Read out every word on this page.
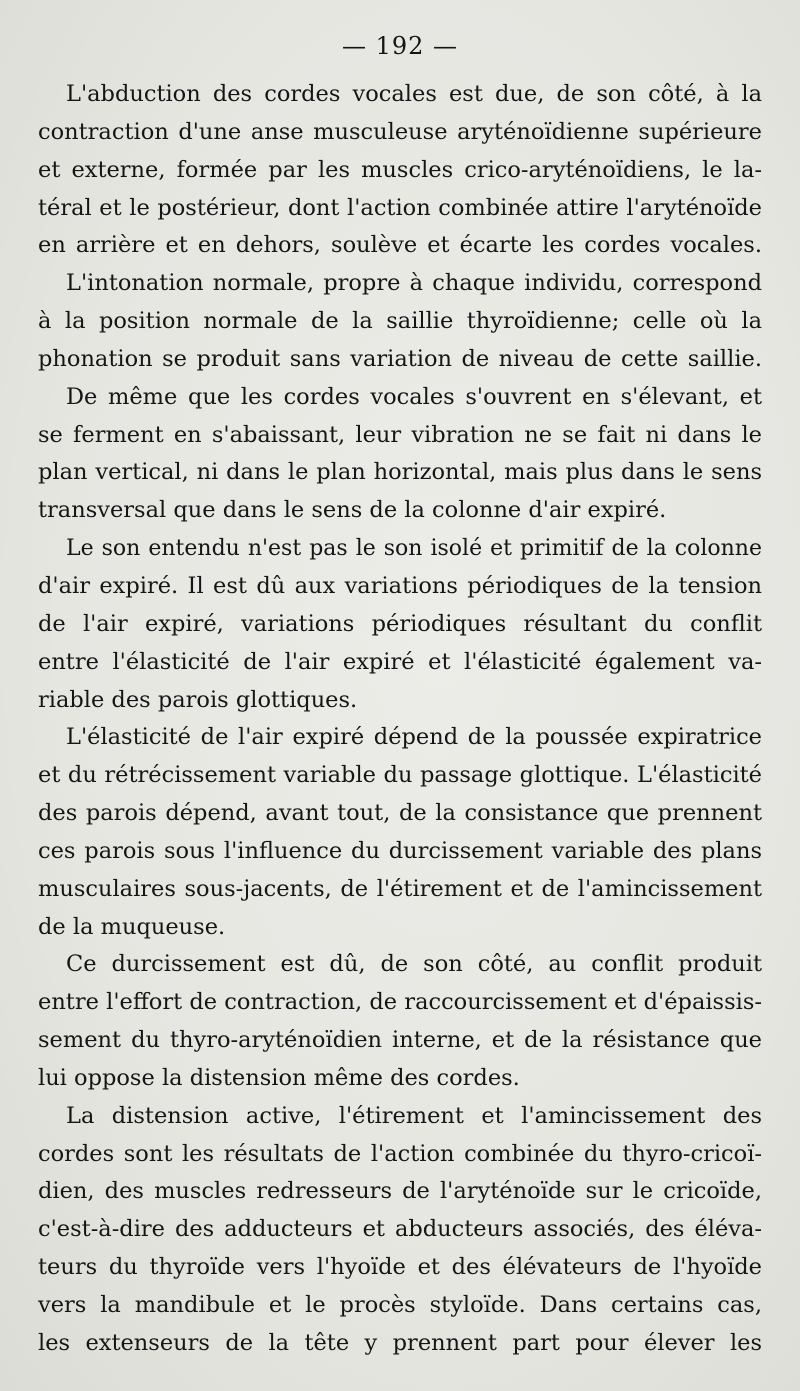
— 192 —
L'abduction des cordes vocales est due, de son côté, à la
contraction d'une anse musculeuse aryténoïdienne supérieure
et externe, formée par les muscles crico-aryténoïdiens, le la-
téral et le postérieur, dont l'action combinée attire l'aryténoïde
en arrière et en dehors, soulève et écarte les cordes vocales.
L'intonation normale, propre à chaque individu, correspond
à la position normale de la saillie thyroïdienne; celle où la
phonation se produit sans variation de niveau de cette saillie.
De même que les cordes vocales s'ouvrent en s'élevant, et
se ferment en s'abaissant, leur vibration ne se fait ni dans le
plan vertical, ni dans le plan horizontal, mais plus dans le sens
transversal que dans le sens de la colonne d'air expiré.
Le son entendu n'est pas le son isolé et primitif de la colonne
d'air expiré. Il est dû aux variations périodiques de la tension
de l'air expiré, variations périodiques résultant du conflit
entre l'élasticité de l'air expiré et l'élasticité également va-
riable des parois glottiques.
L'élasticité de l'air expiré dépend de la poussée expiratrice
et du rétrécissement variable du passage glottique. L'élasticité
des parois dépend, avant tout, de la consistance que prennent
ces parois sous l'influence du durcissement variable des plans
musculaires sous-jacents, de l'étirement et de l'amincissement
de la muqueuse.
Ce durcissement est dû, de son côté, au conflit produit
entre l'effort de contraction, de raccourcissement et d'épaissis-
sement du thyro-aryténoïdien interne, et de la résistance que
lui oppose la distension même des cordes.
La distension active, l'étirement et l'amincissement des
cordes sont les résultats de l'action combinée du thyro-cricoï-
dien, des muscles redresseurs de l'aryténoïde sur le cricoïde,
c'est-à-dire des adducteurs et abducteurs associés, des éléva-
teurs du thyroïde vers l'hyoïde et des élévateurs de l'hyoïde
vers la mandibule et le procès styloïde. Dans certains cas,
les extenseurs de la tête y prennent part pour élever les
